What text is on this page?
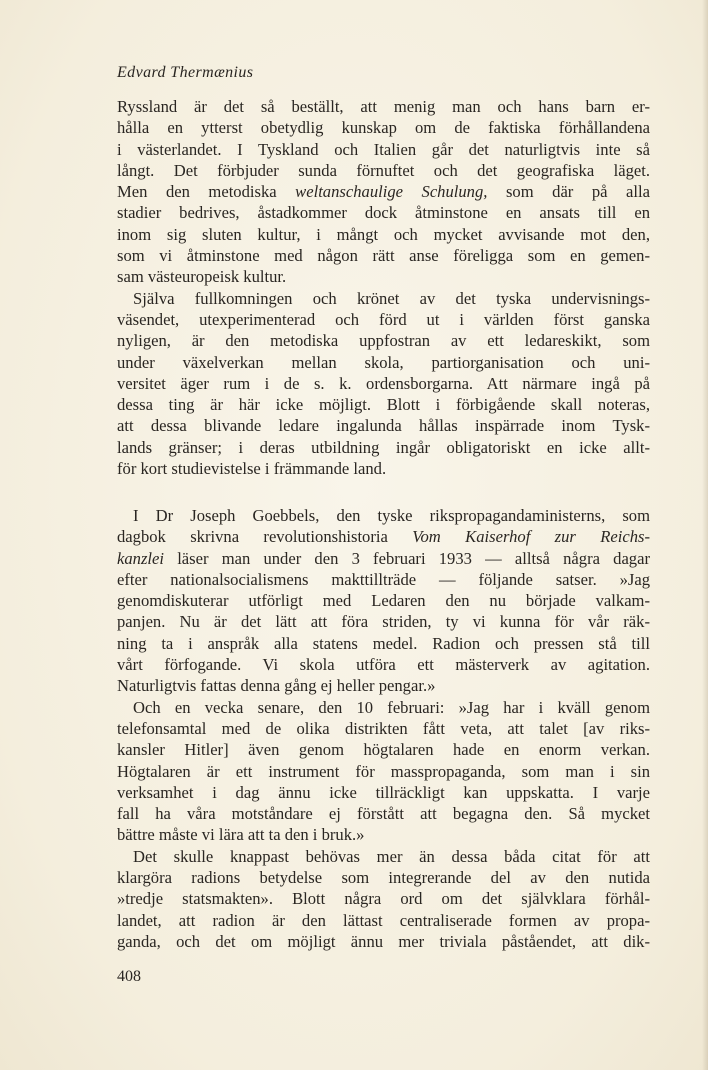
Edvard Thermænius
Ryssland är det så beställt, att menig man och hans barn er-
hålla en ytterst obetydlig kunskap om de faktiska förhållandena
i västerlandet. I Tyskland och Italien går det naturligtvis inte så
långt. Det förbjuder sunda förnuftet och det geografiska läget.
Men den metodiska weltanschaulige Schulung, som där på alla
stadier bedrives, åstadkommer dock åtminstone en ansats till en
inom sig sluten kultur, i mångt och mycket avvisande mot den,
som vi åtminstone med någon rätt anse föreligga som en gemen-
sam västeuropeisk kultur.
Själva fullkomningen och krönet av det tyska undervisnings-
väsendet, utexperimenterad och förd ut i världen först ganska
nyligen, är den metodiska uppfostran av ett ledareskikt, som
under växelverkan mellan skola, partiorganisation och uni-
versitet äger rum i de s. k. ordensborgarna. Att närmare ingå på
dessa ting är här icke möjligt. Blott i förbigående skall noteras,
att dessa blivande ledare ingalunda hållas inspärrade inom Tysk-
lands gränser; i deras utbildning ingår obligatoriskt en icke allt-
för kort studievistelse i främmande land.
I Dr Joseph Goebbels, den tyske rikspropagandaministerns, som
dagbok skrivna revolutionshistoria Vom Kaiserhof zur Reichs-
kanzlei läser man under den 3 februari 1933 — alltså några dagar
efter nationalsocialismens makttillträde — följande satser. »Jag
genomdiskuterar utförligt med Ledaren den nu började valkam-
panjen. Nu är det lätt att föra striden, ty vi kunna för vår räk-
ning ta i anspråk alla statens medel. Radion och pressen stå till
vårt förfogande. Vi skola utföra ett mästerverk av agitation.
Naturligtvis fattas denna gång ej heller pengar.»
Och en vecka senare, den 10 februari: »Jag har i kväll genom
telefonsamtal med de olika distrikten fått veta, att talet [av riks-
kansler Hitler] även genom högtalaren hade en enorm verkan.
Högtalaren är ett instrument för masspropaganda, som man i sin
verksamhet i dag ännu icke tillräckligt kan uppskatta. I varje
fall ha våra motståndare ej förstått att begagna den. Så mycket
bättre måste vi lära att ta den i bruk.»
Det skulle knappast behövas mer än dessa båda citat för att
klargöra radions betydelse som integrerande del av den nutida
»tredje statsmakten». Blott några ord om det självklara förhål-
landet, att radion är den lättast centraliserade formen av propa-
ganda, och det om möjligt ännu mer triviala påståendet, att dik-
408
